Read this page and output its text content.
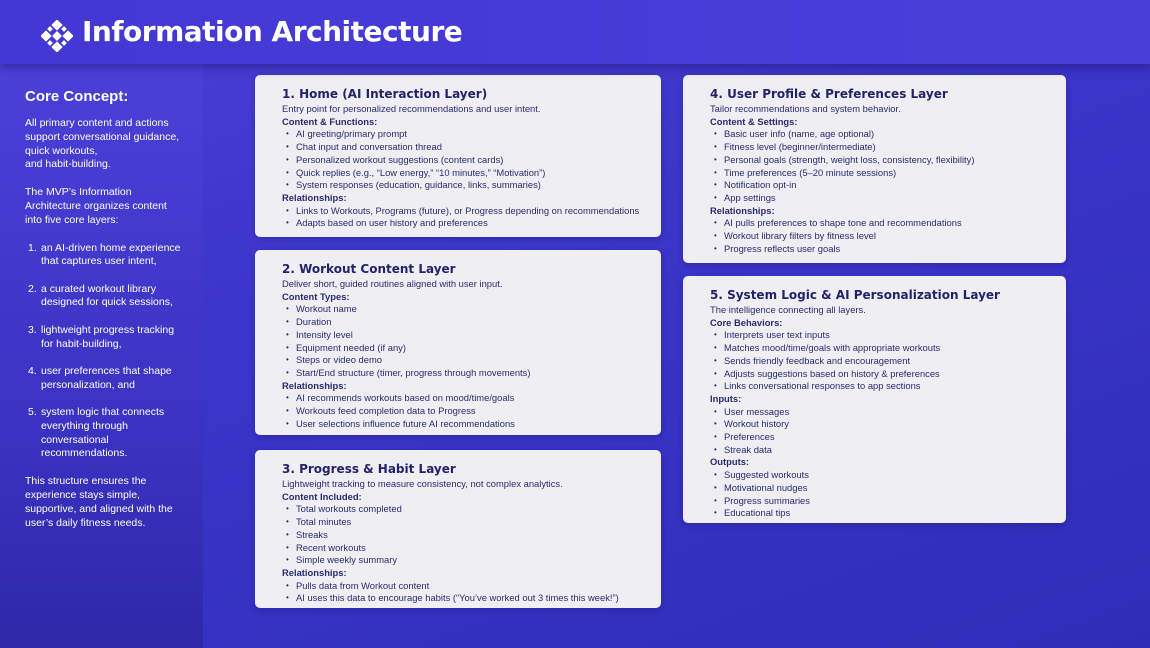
Information Architecture
Core Concept:
All primary content and actions
support conversational guidance,
quick workouts,
and habit-building.
The MVP’s Information Architecture organizes content into five core layers:
1. an AI-driven home experience that captures user intent,
2. a curated workout library designed for quick sessions,
3. lightweight progress tracking for habit-building,
4. user preferences that shape personalization, and
5. system logic that connects everything through conversational recommendations.
This structure ensures the experience stays simple, supportive, and aligned with the user’s daily fitness needs.
1. Home (AI Interaction Layer)
Entry point for personalized recommendations and user intent.
Content & Functions:
• AI greeting/primary prompt
• Chat input and conversation thread
• Personalized workout suggestions (content cards)
• Quick replies (e.g., “Low energy,” “10 minutes,” “Motivation”)
• System responses (education, guidance, links, summaries)
Relationships:
• Links to Workouts, Programs (future), or Progress depending on recommendations
• Adapts based on user history and preferences
2. Workout Content Layer
Deliver short, guided routines aligned with user input.
Content Types:
• Workout name
• Duration
• Intensity level
• Equipment needed (if any)
• Steps or video demo
• Start/End structure (timer, progress through movements)
Relationships:
• AI recommends workouts based on mood/time/goals
• Workouts feed completion data to Progress
• User selections influence future AI recommendations
3. Progress & Habit Layer
Lightweight tracking to measure consistency, not complex analytics.
Content Included:
• Total workouts completed
• Total minutes
• Streaks
• Recent workouts
• Simple weekly summary
Relationships:
• Pulls data from Workout content
• AI uses this data to encourage habits (“You’ve worked out 3 times this week!”)
4. User Profile & Preferences Layer
Tailor recommendations and system behavior.
Content & Settings:
• Basic user info (name, age optional)
• Fitness level (beginner/intermediate)
• Personal goals (strength, weight loss, consistency, flexibility)
• Time preferences (5–20 minute sessions)
• Notification opt-in
• App settings
Relationships:
• AI pulls preferences to shape tone and recommendations
• Workout library filters by fitness level
• Progress reflects user goals
5. System Logic & AI Personalization Layer
The intelligence connecting all layers.
Core Behaviors:
• Interprets user text inputs
• Matches mood/time/goals with appropriate workouts
• Sends friendly feedback and encouragement
• Adjusts suggestions based on history & preferences
• Links conversational responses to app sections
Inputs:
• User messages
• Workout history
• Preferences
• Streak data
Outputs:
• Suggested workouts
• Motivational nudges
• Progress summaries
• Educational tips
